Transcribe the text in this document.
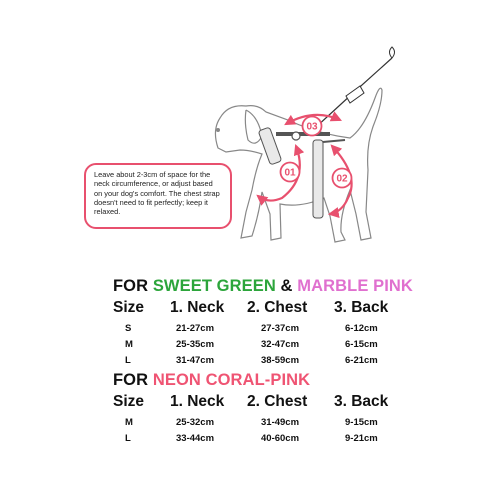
01
02
03
Leave about 2-3cm of space for the neck circumference, or adjust based on your dog's comfort. The chest strap doesn't need to fit perfectly; keep it relaxed.
FOR SWEET GREEN & MARBLE PINK
Size 1. Neck 2. Chest 3. Back
S	21-27cm	27-37cm	6-12cm
M	25-35cm	32-47cm	6-15cm
L	31-47cm	38-59cm	6-21cm
FOR NEON CORAL-PINK
Size 1. Neck 2. Chest 3. Back
M	25-32cm	31-49cm	9-15cm
L	33-44cm	40-60cm	9-21cm
